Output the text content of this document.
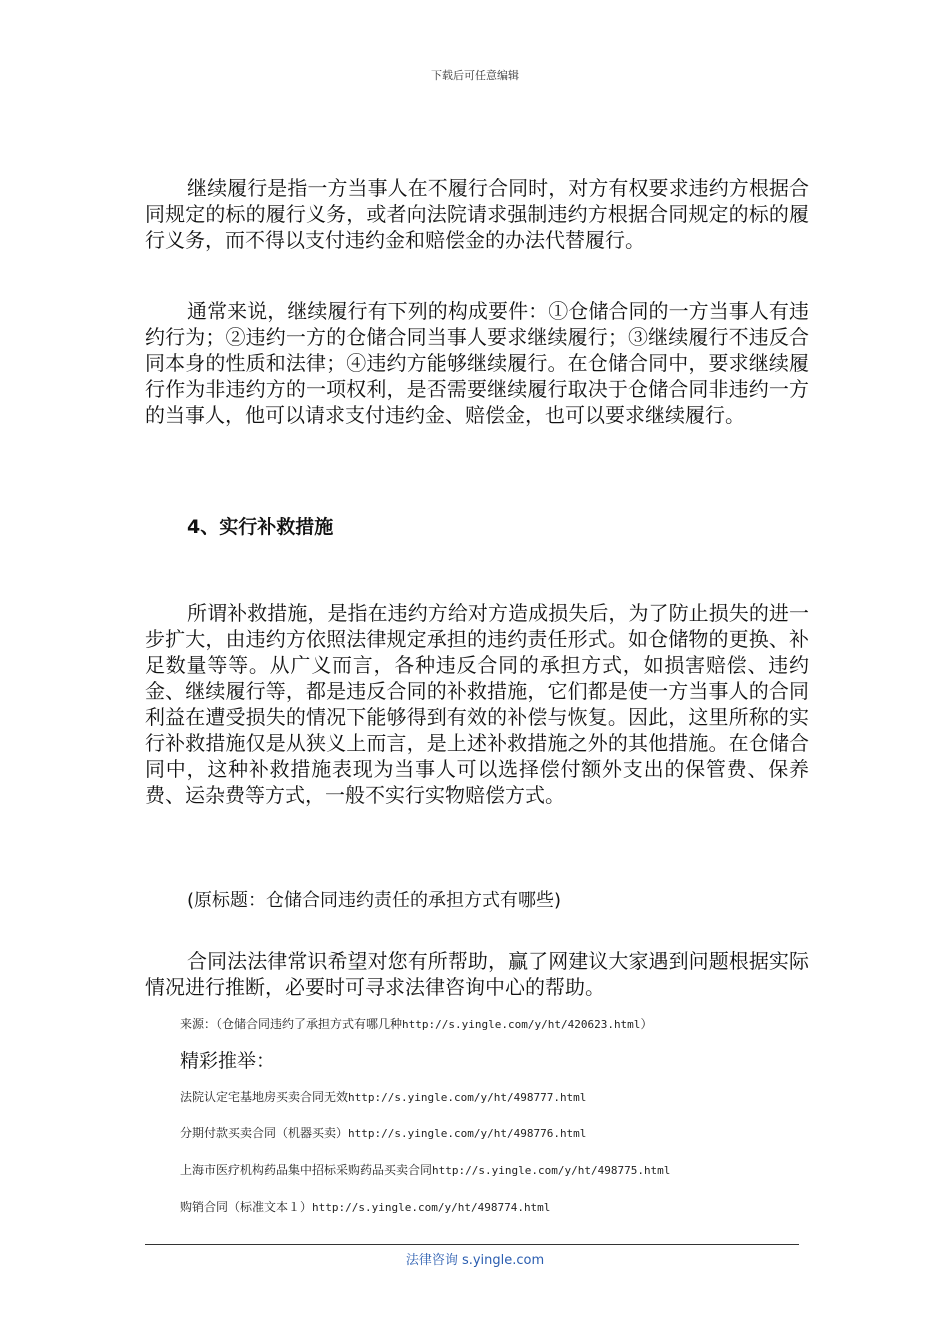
下载后可任意编辑

继续履行是指一方当事人在不履行合同时，对方有权要求违约方根据合同规定的标的履行义务，或者向法院请求强制违约方根据合同规定的标的履行义务，而不得以支付违约金和赔偿金的办法代替履行。

通常来说，继续履行有下列的构成要件：①仓储合同的一方当事人有违约行为；②违约一方的仓储合同当事人要求继续履行；③继续履行不违反合同本身的性质和法律；④违约方能够继续履行。在仓储合同中，要求继续履行作为非违约方的一项权利，是否需要继续履行取决于仓储合同非违约一方的当事人，他可以请求支付违约金、赔偿金，也可以要求继续履行。

4、实行补救措施

所谓补救措施，是指在违约方给对方造成损失后，为了防止损失的进一步扩大，由违约方依照法律规定承担的违约责任形式。如仓储物的更换、补足数量等等。从广义而言，各种违反合同的承担方式，如损害赔偿、违约金、继续履行等，都是违反合同的补救措施，它们都是使一方当事人的合同利益在遭受损失的情况下能够得到有效的补偿与恢复。因此，这里所称的实行补救措施仅是从狭义上而言，是上述补救措施之外的其他措施。在仓储合同中，这种补救措施表现为当事人可以选择偿付额外支出的保管费、保养费、运杂费等方式，一般不实行实物赔偿方式。

(原标题：仓储合同违约责任的承担方式有哪些)

合同法法律常识希望对您有所帮助，赢了网建议大家遇到问题根据实际情况进行推断，必要时可寻求法律咨询中心的帮助。

来源：（仓储合同违约了承担方式有哪几种http://s.yingle.com/y/ht/420623.html）
精彩推举：
法院认定宅基地房买卖合同无效http://s.yingle.com/y/ht/498777.html
分期付款买卖合同（机器买卖）http://s.yingle.com/y/ht/498776.html
上海市医疗机构药品集中招标采购药品买卖合同http://s.yingle.com/y/ht/498775.html
购销合同（标准文本１）http://s.yingle.com/y/ht/498774.html
法律咨询 s.yingle.com
